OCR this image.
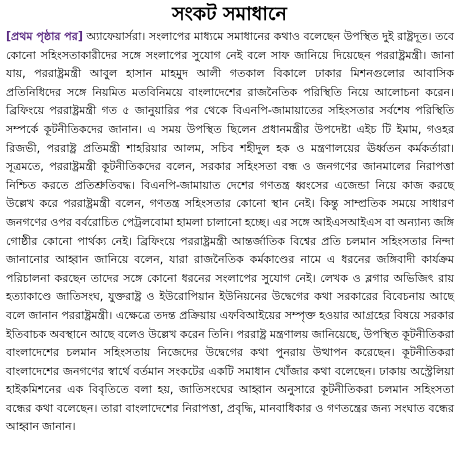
সংকট সমাধানে
[প্রথম পৃষ্ঠার পর] অ্যাফেয়ার্সরা। সংলাপের মাধ্যমে সমাধানের কথাও বলেছেন উপস্থিত দুই রাষ্ট্রদূত। তবে কোনো সহিংসতাকারীদের সঙ্গে সংলাপের সুযোগ নেই বলে সাফ জানিয়ে দিয়েছেন পররাষ্ট্রমন্ত্রী। জানা যায়, পররাষ্ট্রমন্ত্রী আবুল হাসান মাহমুদ আলী গতকাল বিকালে ঢাকার মিশনগুলোর আবাসিক প্রতিনিধিদের সঙ্গে নিয়মিত মতবিনিময়ে বাংলাদেশের রাজনৈতিক পরিস্থিতি নিয়ে আলোচনা করেন। ব্রিফিংয়ে পররাষ্ট্রমন্ত্রী গত ৫ জানুয়ারির পর থেকে বিএনপি-জামায়াতের সহিংসতার সর্বশেষ পরিস্থিতি সম্পর্কে কূটনীতিকদের জানান। এ সময় উপস্থিত ছিলেন প্রধানমন্ত্রীর উপদেষ্টা এইচ টি ইমাম, গওহর রিজভী, পররাষ্ট্র প্রতিমন্ত্রী শাহরিয়ার আলম, সচিব শহীদুল হক ও মন্ত্রণালয়ের ঊর্ধ্বতন কর্মকর্তারা। সূত্রমতে, পররাষ্ট্রমন্ত্রী কূটনীতিকদের বলেন, সরকার সহিংসতা বন্ধ ও জনগণের জানমালের নিরাপত্তা নিশ্চিত করতে প্রতিশ্রুতিবদ্ধ। বিএনপি-জামায়াত দেশের গণতন্ত্র ধ্বংসের এজেন্ডা নিয়ে কাজ করছে উল্লেখ করে পররাষ্ট্রমন্ত্রী বলেন, গণতন্ত্র সহিংসতার কোনো স্থান নেই। কিন্তু সাম্প্রতিক সময়ে সাধারণ জনগণের ওপর বর্বরোচিত পেট্রলবোমা হামলা চালানো হচ্ছে। এর সঙ্গে আইএসআইএস বা অন্যান্য জঙ্গি গোষ্ঠীর কোনো পার্থক্য নেই। ব্রিফিংয়ে পররাষ্ট্রমন্ত্রী আন্তর্জাতিক বিশ্বের প্রতি চলমান সহিংসতার নিন্দা জানানোর আহ্বান জানিয়ে বলেন, যারা রাজনৈতিক কর্মকাণ্ডের নামে এ ধরনের জঙ্গিবাদী কার্যক্রম পরিচালনা করছেন তাদের সঙ্গে কোনো ধরনের সংলাপের সুযোগ নেই। লেখক ও ব্লগার অভিজিৎ রায় হত্যাকাণ্ডে জাতিসংঘ, যুক্তরাষ্ট্র ও ইউরোপিয়ান ইউনিয়নের উদ্বেগের কথা সরকারের বিবেচনায় আছে বলে জানান পররাষ্ট্রমন্ত্রী। এক্ষেত্রে তদন্ত প্রক্রিয়ায় এফবিআইয়ের সম্পৃক্ত হওয়ার আগ্রহের বিষয়ে সরকার ইতিবাচক অবস্থানে আছে বলেও উল্লেখ করেন তিনি। পররাষ্ট্র মন্ত্রণালয় জানিয়েছে, উপস্থিত কূটনীতিকরা বাংলাদেশের চলমান সহিংসতায় নিজেদের উদ্বেগের কথা পুনরায় উত্থাপন করেছেন। কূটনীতিকরা বাংলাদেশের জনগণের স্বার্থে বর্তমান সংকটের একটি সমাধান খোঁজার কথা বলেছেন। ঢাকায় অস্ট্রেলিয়া হাইকমিশনের এক বিবৃতিতে বলা হয়, জাতিসংঘের আহ্বান অনুসারে কূটনীতিকরা চলমান সহিংসতা বন্ধের কথা বলেছেন। তারা বাংলাদেশের নিরাপত্তা, প্রবৃদ্ধি, মানবাধিকার ও গণতন্ত্রের জন্য সংঘাত বন্ধের আহ্বান জানান।
